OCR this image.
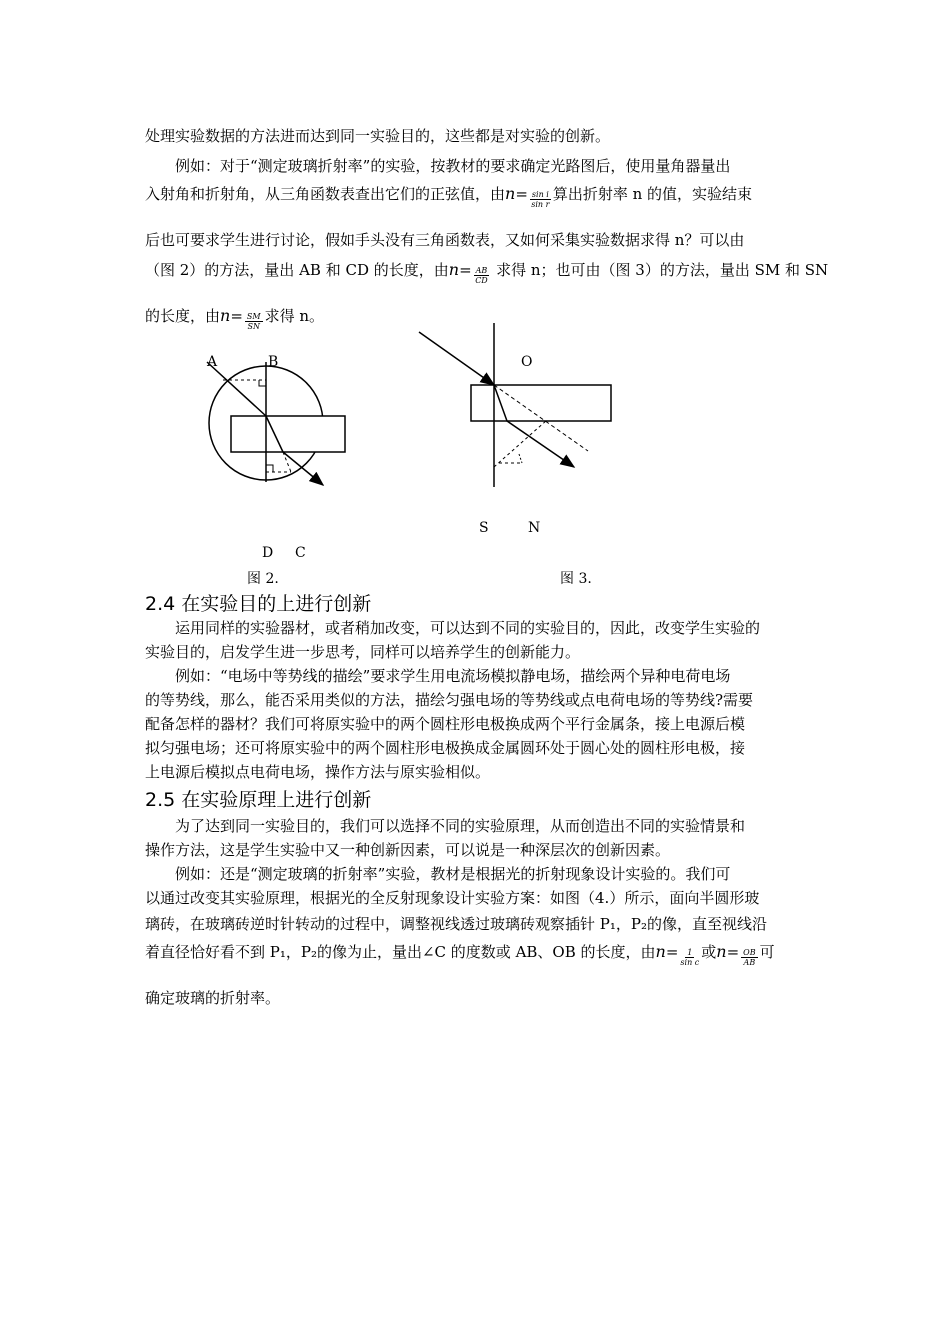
处理实验数据的方法进而达到同一实验目的，这些都是对实验的创新。
例如：对于“测定玻璃折射率”的实验，按教材的要求确定光路图后，使用量角器量出
入射角和折射角，从三角函数表查出它们的正弦值，由$n= \frac{\text{sin i}}{\text{sin r}}$ 算出折射率 n 的值，实验结束
后也可要求学生进行讨论，假如手头没有三角函数表，又如何采集实验数据求得 n？可以由
（图 2）的方法，量出 AB 和 CD 的长度，由$n= \frac{AB}{CD}$ 求得 n；也可由（图 3）的方法，量出 SM 和 SN
的长度，由$n= \frac{SM}{SN}$ 求得 n。
A	B
D C
图 2.
O
S	N
图 3.
2.4 在实验目的上进行创新
运用同样的实验器材，或者稍加改变，可以达到不同的实验目的，因此，改变学生实验的
实验目的，启发学生进一步思考，同样可以培养学生的创新能力。
例如：“电场中等势线的描绘”要求学生用电流场模拟静电场，描绘两个异种电荷电场
的等势线，那么，能否采用类似的方法，描绘匀强电场的等势线或点电荷电场的等势线?需要
配备怎样的器材？我们可将原实验中的两个圆柱形电极换成两个平行金属条，接上电源后模
拟匀强电场；还可将原实验中的两个圆柱形电极换成金属圆环处于圆心处的圆柱形电极，接
上电源后模拟点电荷电场，操作方法与原实验相似。
2.5 在实验原理上进行创新
为了达到同一实验目的，我们可以选择不同的实验原理，从而创造出不同的实验情景和
操作方法，这是学生实验中又一种创新因素，可以说是一种深层次的创新因素。
例如：还是“测定玻璃的折射率”实验，教材是根据光的折射现象设计实验的。我们可
以通过改变其实验原理，根据光的全反射现象设计实验方案：如图（4.）所示，面向半圆形玻
璃砖，在玻璃砖逆时针转动的过程中，调整视线透过玻璃砖观察插针 P₁，P₂的像，直至视线沿
着直径恰好看不到 P₁，P₂的像为止，量出∠C 的度数或 AB、OB 的长度，由$n= \frac{1}{\text{sin c}}$ 或$n= \frac{OB}{AB}$ 可
确定玻璃的折射率。
